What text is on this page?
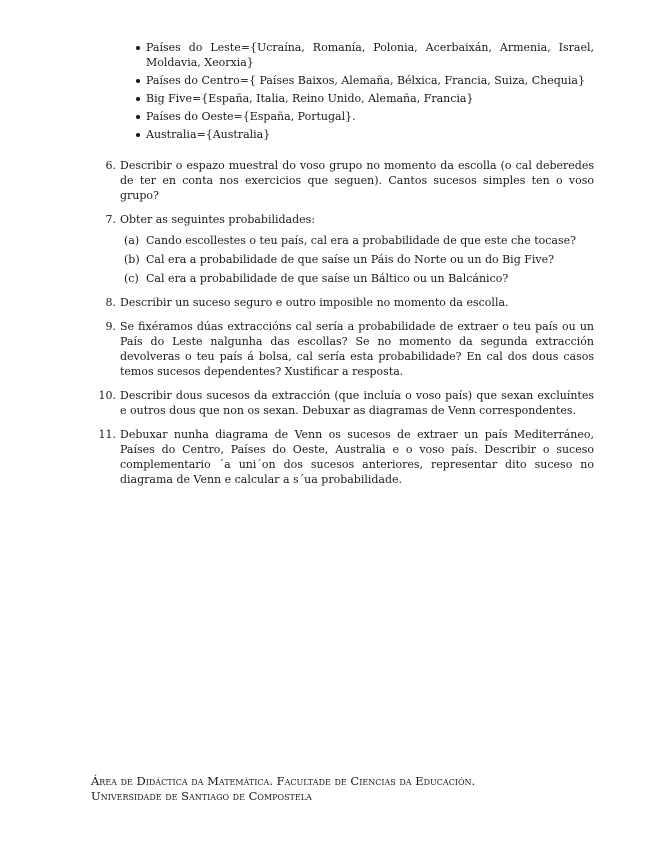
Países do Leste={Ucraína, Romanía, Polonia, Acerbaixán, Armenia, Israel, Moldavia, Xeorxia}
Países do Centro={ Países Baixos, Alemaña, Bélxica, Francia, Suiza, Chequia}
Big Five={España, Italia, Reino Unido, Alemaña, Francia}
Países do Oeste={España, Portugal}.
Australia={Australia}
6. Describir o espazo muestral do voso grupo no momento da escolla (o cal deberedes de ter en conta nos exercicios que seguen). Cantos sucesos simples ten o voso grupo?
7. Obter as seguintes probabilidades:
(a) Cando escollestes o teu país, cal era a probabilidade de que este che tocase?
(b) Cal era a probabilidade de que saíse un Páis do Norte ou un do Big Five?
(c) Cal era a probabilidade de que saíse un Báltico ou un Balcánico?
8. Describir un suceso seguro e outro imposible no momento da escolla.
9. Se fixéramos dúas extraccións cal sería a probabilidade de extraer o teu país ou un País do Leste nalgunha das escollas? Se no momento da segunda extracción devolveras o teu país á bolsa, cal sería esta probabilidade? En cal dos dous casos temos sucesos dependentes? Xustificar a resposta.
10. Describir dous sucesos da extracción (que incluía o voso país) que sexan excluíntes e outros dous que non os sexan. Debuxar as diagramas de Venn correspondentes.
11. Debuxar nunha diagrama de Venn os sucesos de extraer un país Mediterráneo, Países do Centro, Países do Oeste, Australia e o voso país. Describir o suceso complementario ´a uni´on dos sucesos anteriores, representar dito suceso no diagrama de Venn e calcular a s´ua probabilidade.
Área de Didáctica da Matemática. Facultade de Ciencias da Educación.
Universidade de Santiago de Compostela
